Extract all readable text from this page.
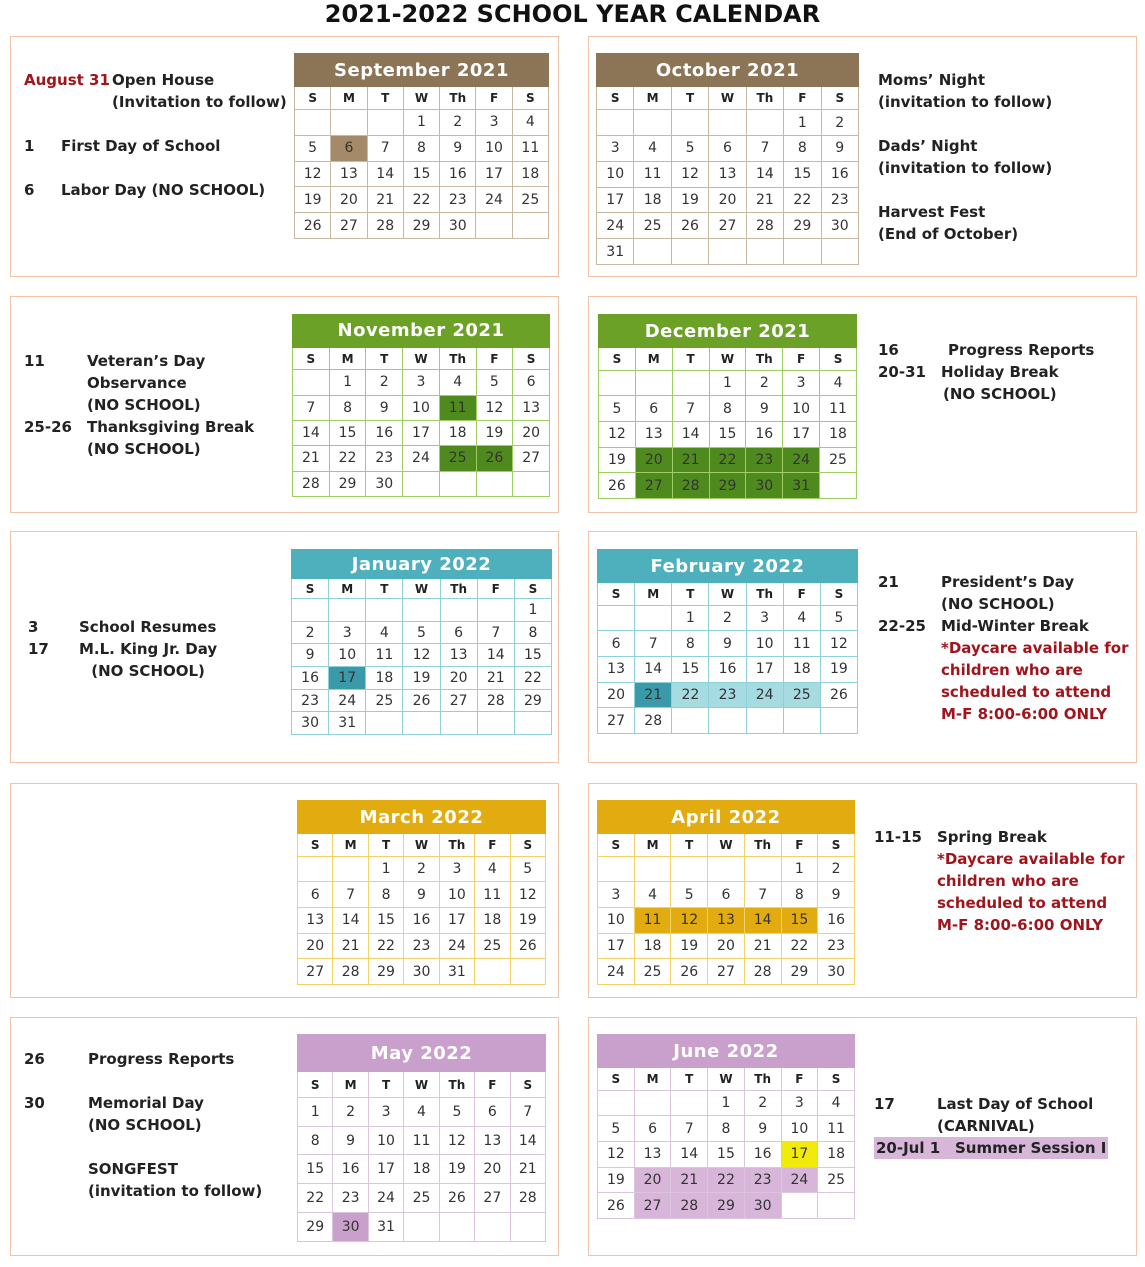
2021-2022 SCHOOL YEAR CALENDAR
September 2021						
S	M	T	W	Th	F	S
			1	2	3	4
5	6	7	8	9	10	11
12	13	14	15	16	17	18
19	20	21	22	23	24	25
26	27	28	29	30		
October 2021						
S	M	T	W	Th	F	S
					1	2
3	4	5	6	7	8	9
10	11	12	13	14	15	16
17	18	19	20	21	22	23
24	25	26	27	28	29	30
31						
November 2021						
S	M	T	W	Th	F	S
	1	2	3	4	5	6
7	8	9	10	11	12	13
14	15	16	17	18	19	20
21	22	23	24	25	26	27
28	29	30				
December 2021						
S	M	T	W	Th	F	S
			1	2	3	4
5	6	7	8	9	10	11
12	13	14	15	16	17	18
19	20	21	22	23	24	25
26	27	28	29	30	31	
January 2022						
S	M	T	W	Th	F	S
						1
2	3	4	5	6	7	8
9	10	11	12	13	14	15
16	17	18	19	20	21	22
23	24	25	26	27	28	29
30	31					
February 2022						
S	M	T	W	Th	F	S
		1	2	3	4	5
6	7	8	9	10	11	12
13	14	15	16	17	18	19
20	21	22	23	24	25	26
27	28					
March 2022						
S	M	T	W	Th	F	S
		1	2	3	4	5
6	7	8	9	10	11	12
13	14	15	16	17	18	19
20	21	22	23	24	25	26
27	28	29	30	31		
April 2022						
S	M	T	W	Th	F	S
					1	2
3	4	5	6	7	8	9
10	11	12	13	14	15	16
17	18	19	20	21	22	23
24	25	26	27	28	29	30
May 2022						
S	M	T	W	Th	F	S
1	2	3	4	5	6	7
8	9	10	11	12	13	14
15	16	17	18	19	20	21
22	23	24	25	26	27	28
29	30	31				
June 2022						
S	M	T	W	Th	F	S
			1	2	3	4
5	6	7	8	9	10	11
12	13	14	15	16	17	18
19	20	21	22	23	24	25
26	27	28	29	30		
August 31 Open House
(Invitation to follow)
1	First Day of School
6	Labor Day (NO SCHOOL)
Moms’ Night
(invitation to follow)
Dads’ Night
(invitation to follow)
Harvest Fest
(End of October)
11	Veteran’s Day
Observance
(NO SCHOOL)
25-26	Thanksgiving Break
(NO SCHOOL)
16	Progress Reports
20-31	Holiday Break
(NO SCHOOL)
3	School Resumes
17	M.L. King Jr. Day
(NO SCHOOL)
21	President’s Day
(NO SCHOOL)
22-25	Mid-Winter Break
*Daycare available for
children who are
scheduled to attend
M-F 8:00-6:00 ONLY
11-15	Spring Break
*Daycare available for
children who are
scheduled to attend
M-F 8:00-6:00 ONLY
26	Progress Reports
30	Memorial Day
(NO SCHOOL)
SONGFEST
(invitation to follow)
17	Last Day of School
(CARNIVAL)
20-Jul 1 Summer Session I
